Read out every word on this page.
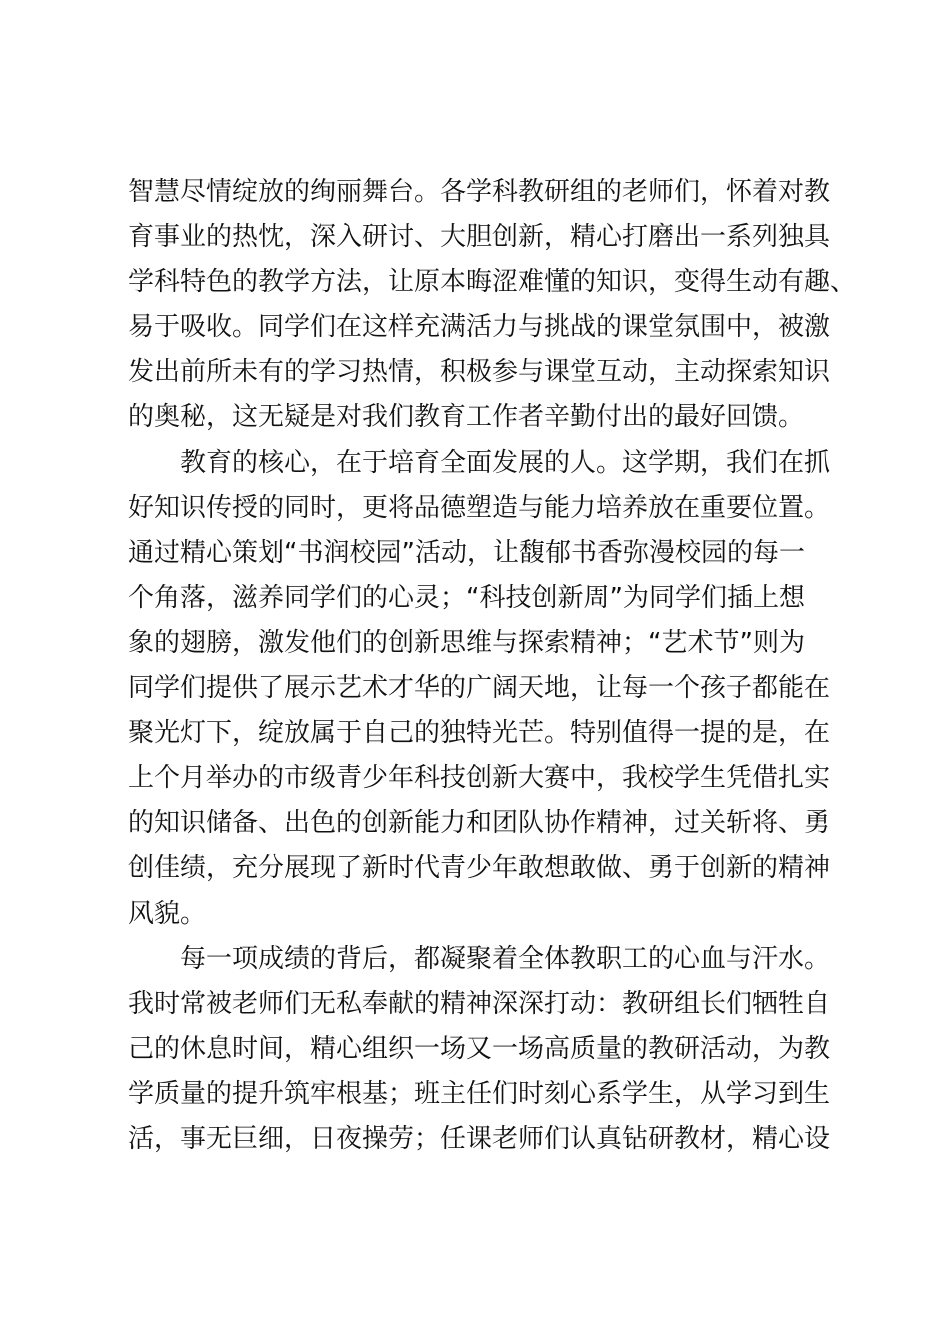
智慧尽情绽放的绚丽舞台。各学科教研组的老师们，怀着对教
育事业的热忱，深入研讨、大胆创新，精心打磨出一系列独具
学科特色的教学方法，让原本晦涩难懂的知识，变得生动有趣、
易于吸收。同学们在这样充满活力与挑战的课堂氛围中，被激
发出前所未有的学习热情，积极参与课堂互动，主动探索知识
的奥秘，这无疑是对我们教育工作者辛勤付出的最好回馈。
教育的核心，在于培育全面发展的人。这学期，我们在抓
好知识传授的同时，更将品德塑造与能力培养放在重要位置。
通过精心策划“书润校园”活动，让馥郁书香弥漫校园的每一
个角落，滋养同学们的心灵；“科技创新周”为同学们插上想
象的翅膀，激发他们的创新思维与探索精神；“艺术节”则为
同学们提供了展示艺术才华的广阔天地，让每一个孩子都能在
聚光灯下，绽放属于自己的独特光芒。特别值得一提的是，在
上个月举办的市级青少年科技创新大赛中，我校学生凭借扎实
的知识储备、出色的创新能力和团队协作精神，过关斩将、勇
创佳绩，充分展现了新时代青少年敢想敢做、勇于创新的精神
风貌。
每一项成绩的背后，都凝聚着全体教职工的心血与汗水。
我时常被老师们无私奉献的精神深深打动：教研组长们牺牲自
己的休息时间，精心组织一场又一场高质量的教研活动，为教
学质量的提升筑牢根基；班主任们时刻心系学生，从学习到生
活，事无巨细，日夜操劳；任课老师们认真钻研教材，精心设
